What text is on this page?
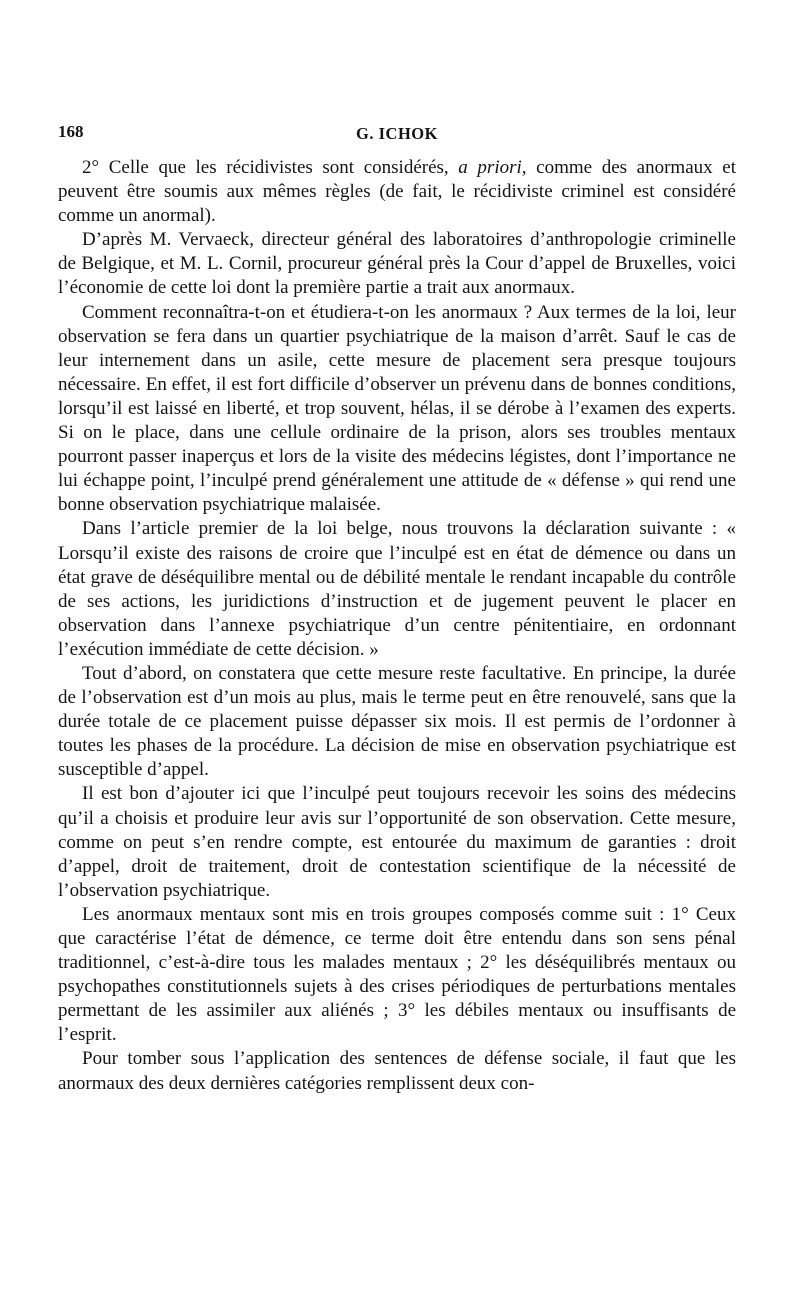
168	G. ICHOK

2° Celle que les récidivistes sont considérés, a priori, comme des anormaux et peuvent être soumis aux mêmes règles (de fait, le récidiviste criminel est considéré comme un anormal).

D’après M. Vervaeck, directeur général des laboratoires d’anthropologie criminelle de Belgique, et M. L. Cornil, procureur général près la Cour d’appel de Bruxelles, voici l’économie de cette loi dont la première partie a trait aux anormaux.

Comment reconnaîtra-t-on et étudiera-t-on les anormaux ? Aux termes de la loi, leur observation se fera dans un quartier psychiatrique de la maison d’arrêt. Sauf le cas de leur internement dans un asile, cette mesure de placement sera presque toujours nécessaire. En effet, il est fort difficile d’observer un prévenu dans de bonnes conditions, lorsqu’il est laissé en liberté, et trop souvent, hélas, il se dérobe à l’examen des experts. Si on le place, dans une cellule ordinaire de la prison, alors ses troubles mentaux pourront passer inaperçus et lors de la visite des médecins légistes, dont l’importance ne lui échappe point, l’inculpé prend généralement une attitude de « défense » qui rend une bonne observation psychiatrique malaisée.

Dans l’article premier de la loi belge, nous trouvons la déclaration suivante : « Lorsqu’il existe des raisons de croire que l’inculpé est en état de démence ou dans un état grave de déséquilibre mental ou de débilité mentale le rendant incapable du contrôle de ses actions, les juridictions d’instruction et de jugement peuvent le placer en observation dans l’annexe psychiatrique d’un centre pénitentiaire, en ordonnant l’exécution immédiate de cette décision. »

Tout d’abord, on constatera que cette mesure reste facultative. En principe, la durée de l’observation est d’un mois au plus, mais le terme peut en être renouvelé, sans que la durée totale de ce placement puisse dépasser six mois. Il est permis de l’ordonner à toutes les phases de la procédure. La décision de mise en observation psychiatrique est susceptible d’appel.

Il est bon d’ajouter ici que l’inculpé peut toujours recevoir les soins des médecins qu’il a choisis et produire leur avis sur l’opportunité de son observation. Cette mesure, comme on peut s’en rendre compte, est entourée du maximum de garanties : droit d’appel, droit de traitement, droit de contestation scientifique de la nécessité de l’observation psychiatrique.

Les anormaux mentaux sont mis en trois groupes composés comme suit : 1° Ceux que caractérise l’état de démence, ce terme doit être entendu dans son sens pénal traditionnel, c’est-à-dire tous les malades mentaux ; 2° les déséquilibrés mentaux ou psychopathes constitutionnels sujets à des crises périodiques de perturbations mentales permettant de les assimiler aux aliénés ; 3° les débiles mentaux ou insuffisants de l’esprit.

Pour tomber sous l’application des sentences de défense sociale, il faut que les anormaux des deux dernières catégories remplissent deux con-
